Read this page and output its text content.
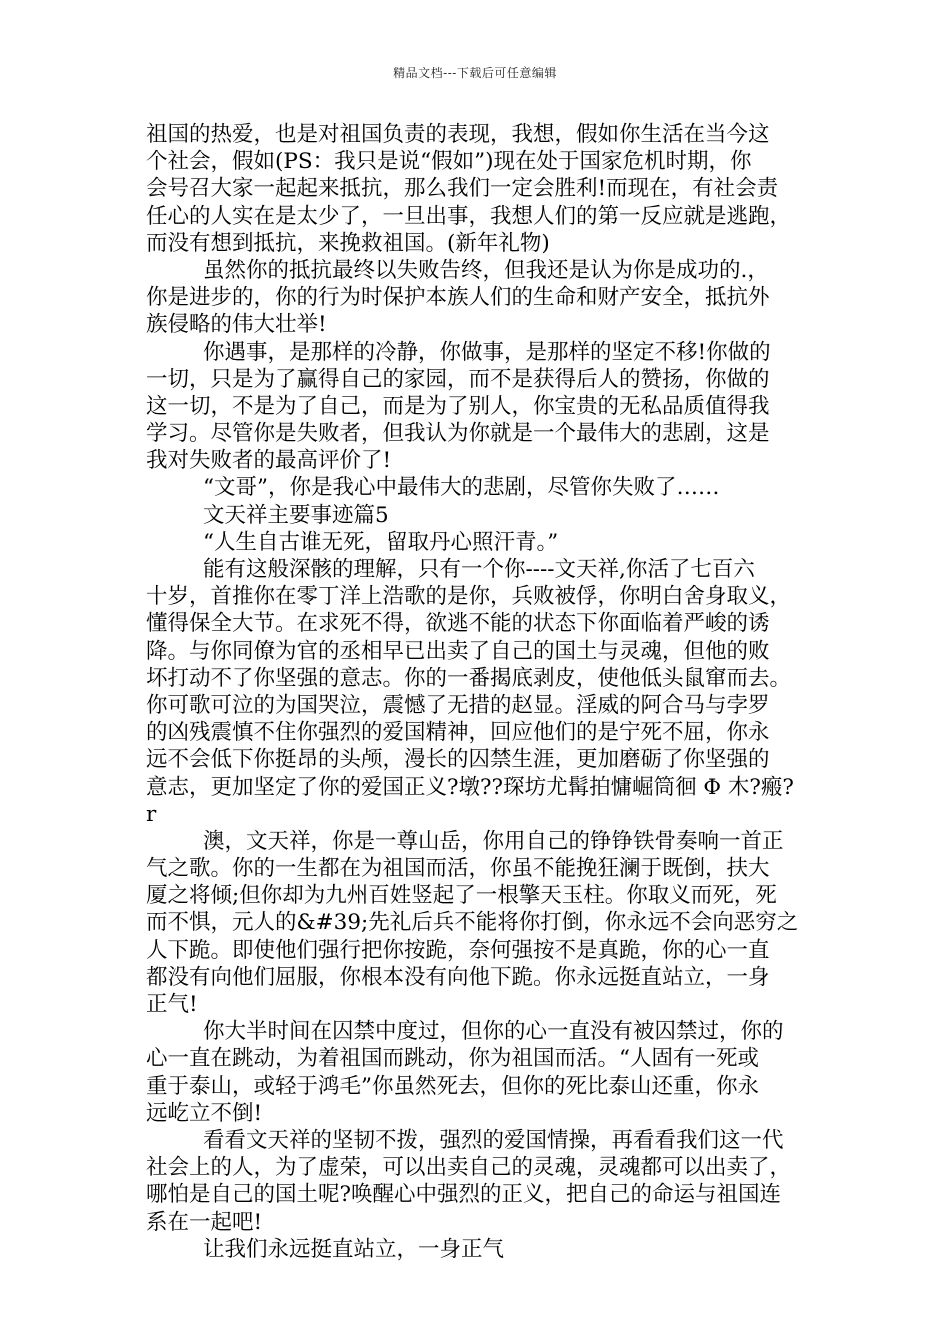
精品文档---下载后可任意编辑
祖国的热爱，也是对祖国负责的表现，我想，假如你生活在当今这
个社会，假如(PS：我只是说“假如”)现在处于国家危机时期，你
会号召大家一起起来抵抗，那么我们一定会胜利!而现在，有社会责
任心的人实在是太少了，一旦出事，我想人们的第一反应就是逃跑，
而没有想到抵抗，来挽救祖国。(新年礼物)
虽然你的抵抗最终以失败告终，但我还是认为你是成功的.，
你是进步的，你的行为时保护本族人们的生命和财产安全，抵抗外
族侵略的伟大壮举!
你遇事，是那样的冷静，你做事，是那样的坚定不移!你做的
一切，只是为了赢得自己的家园，而不是获得后人的赞扬，你做的
这一切，不是为了自己，而是为了别人，你宝贵的无私品质值得我
学习。尽管你是失败者，但我认为你就是一个最伟大的悲剧，这是
我对失败者的最高评价了!
“文哥”，你是我心中最伟大的悲剧，尽管你失败了……
文天祥主要事迹篇5
“人生自古谁无死，留取丹心照汗青。”
能有这般深骸的理解，只有一个你----文天祥,你活了七百六
十岁，首推你在零丁洋上浩歌的是你，兵败被俘，你明白舍身取义，
懂得保全大节。在求死不得，欲逃不能的状态下你面临着严峻的诱
降。与你同僚为官的丞相早已出卖了自己的国土与灵魂，但他的败
坏打动不了你坚强的意志。你的一番揭底剥皮，使他低头鼠窜而去。
你可歌可泣的为国哭泣，震憾了无措的赵显。淫威的阿合马与孛罗
的凶残震慎不住你强烈的爱国精神，回应他们的是宁死不屈，你永
远不会低下你挺昂的头颅，漫长的囚禁生涯，更加磨砺了你坚强的
意志，更加坚定了你的爱国正义?墩??琛坊尤髯拍慵崛筒徊 Φ 木?瘢?
r
澳，文天祥，你是一尊山岳，你用自己的铮铮铁骨奏响一首正
气之歌。你的一生都在为祖国而活，你虽不能挽狂澜于既倒，扶大
厦之将倾;但你却为九州百姓竖起了一根擎天玉柱。你取义而死，死
而不惧，元人的&#39;先礼后兵不能将你打倒，你永远不会向恶穷之
人下跪。即使他们强行把你按跪，奈何强按不是真跪，你的心一直
都没有向他们屈服，你根本没有向他下跪。你永远挺直站立，一身
正气!
你大半时间在囚禁中度过，但你的心一直没有被囚禁过，你的
心一直在跳动，为着祖国而跳动，你为祖国而活。“人固有一死或
重于泰山，或轻于鸿毛”你虽然死去，但你的死比泰山还重，你永
远屹立不倒!
看看文天祥的坚韧不拨，强烈的爱国情操，再看看我们这一代
社会上的人，为了虚荣，可以出卖自己的灵魂，灵魂都可以出卖了，
哪怕是自己的国土呢?唤醒心中强烈的正义，把自己的命运与祖国连
系在一起吧!
让我们永远挺直站立，一身正气
